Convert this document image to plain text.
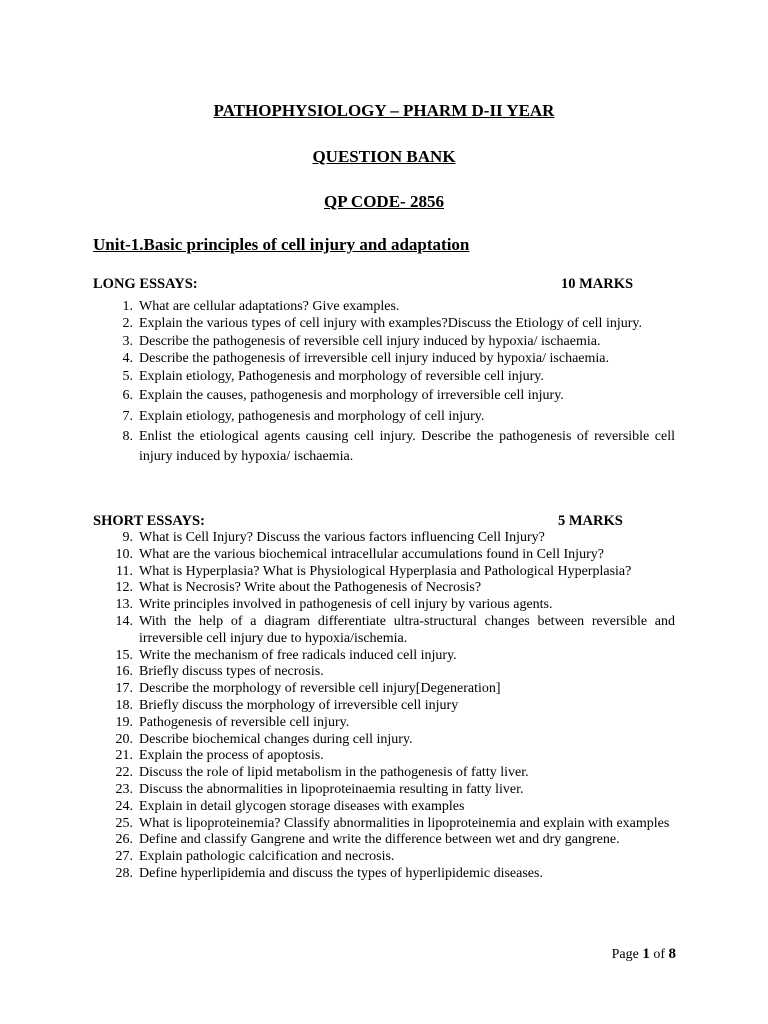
PATHOPHYSIOLOGY – PHARM D-II YEAR

QUESTION BANK

QP CODE- 2856

Unit-1.Basic principles of cell injury and adaptation

LONG ESSAYS:	10 MARKS
1. What are cellular adaptations? Give examples.
2. Explain the various types of cell injury with examples?Discuss the Etiology of cell injury.
3. Describe the pathogenesis of reversible cell injury induced by hypoxia/ ischaemia.
4. Describe the pathogenesis of irreversible cell injury induced by hypoxia/ ischaemia.
5. Explain etiology, Pathogenesis and morphology of reversible cell injury.
6. Explain the causes, pathogenesis and morphology of irreversible cell injury.
7. Explain etiology, pathogenesis and morphology of cell injury.
8. Enlist the etiological agents causing cell injury. Describe the pathogenesis of reversible cell injury induced by hypoxia/ ischaemia.
SHORT ESSAYS:	5 MARKS
9. What is Cell Injury? Discuss the various factors influencing Cell Injury?
10. What are the various biochemical intracellular accumulations found in Cell Injury?
11. What is Hyperplasia? What is Physiological Hyperplasia and Pathological Hyperplasia?
12. What is Necrosis? Write about the Pathogenesis of Necrosis?
13. Write principles involved in pathogenesis of cell injury by various agents.
14. With the help of a diagram differentiate ultra-structural changes between reversible and irreversible cell injury due to hypoxia/ischemia.
15. Write the mechanism of free radicals induced cell injury.
16. Briefly discuss types of necrosis.
17. Describe the morphology of reversible cell injury[Degeneration]
18. Briefly discuss the morphology of irreversible cell injury
19. Pathogenesis of reversible cell injury.
20. Describe biochemical changes during cell injury.
21. Explain the process of apoptosis.
22. Discuss the role of lipid metabolism in the pathogenesis of fatty liver.
23. Discuss the abnormalities in lipoproteinaemia resulting in fatty liver.
24. Explain in detail glycogen storage diseases with examples
25. What is lipoproteinemia? Classify abnormalities in lipoproteinemia and explain with examples
26. Define and classify Gangrene and write the difference between wet and dry gangrene.
27. Explain pathologic calcification and necrosis.
28. Define hyperlipidemia and discuss the types of hyperlipidemic diseases.
Page 1 of 8
